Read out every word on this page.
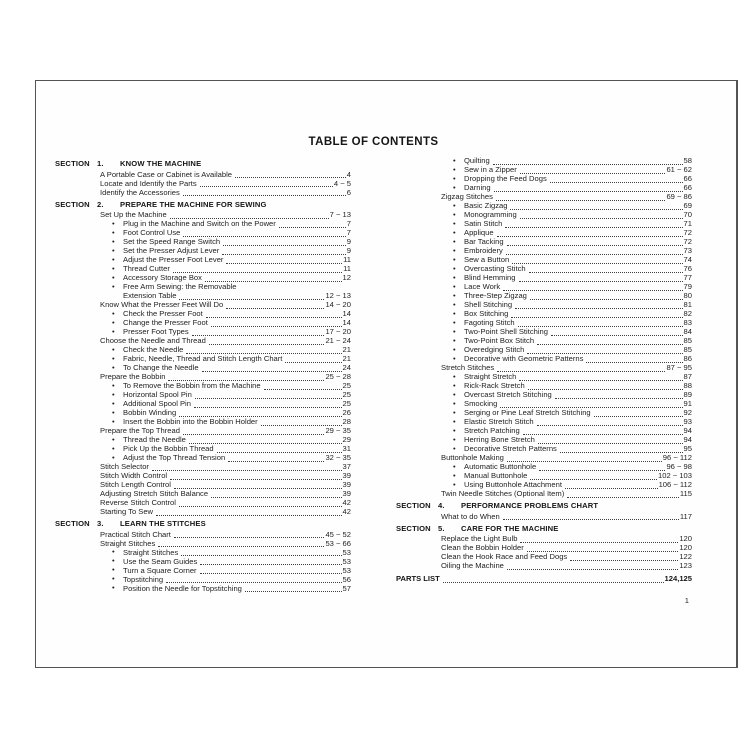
TABLE OF CONTENTS
SECTION 1.	KNOW THE MACHINE
A Portable Case or Cabinet is Available	4
Locate and Identify the Parts	4 ~ 5
Identify the Accessories	6
SECTION 2.	PREPARE THE MACHINE FOR SEWING
Set Up the Machine	7 ~ 13
• Plug in the Machine and Switch on the Power	7
• Foot Control Use	7
• Set the Speed Range Switch	9
• Set the Presser Adjust Lever	9
• Adjust the Presser Foot Lever	11
• Thread Cutter	11
• Accessory Storage Box	12
• Free Arm Sewing: the Removable
Extension Table	12 ~ 13
Know What the Presser Feet Will Do	14 ~ 20
• Check the Presser Foot	14
• Change the Presser Foot	14
• Presser Foot Types	17 ~ 20
Choose the Needle and Thread	21 ~ 24
• Check the Needle	21
• Fabric, Needle, Thread and Stitch Length Chart	21
• To Change the Needle	24
Prepare the Bobbin	25 ~ 28
• To Remove the Bobbin from the Machine	25
• Horizontal Spool Pin	25
• Additional Spool Pin	25
• Bobbin Winding	26
• Insert the Bobbin into the Bobbin Holder	28
Prepare the Top Thread	29 ~ 35
• Thread the Needle	29
• Pick Up the Bobbin Thread	31
• Adjust the Top Thread Tension	32 ~ 35
Stitch Selector	37
Stitch Width Control	39
Stitch Length Control	39
Adjusting Stretch Stitch Balance	39
Reverse Stitch Control	42
Starting To Sew	42
SECTION 3.	LEARN THE STITCHES
Practical Stitch Chart	45 ~ 52
Straight Stitches	53 ~ 66
• Straight Stitches	53
• Use the Seam Guides	53
• Turn a Square Corner	53
• Topstitching	56
• Position the Needle for Topstitching	57
• Quilting	58
• Sew in a Zipper	61 ~ 62
• Dropping the Feed Dogs	66
• Darning	66
Zigzag Stitches	69 ~ 86
• Basic Zigzag	69
• Monogramming	70
• Satin Stitch	71
• Applique	72
• Bar Tacking	72
• Embroidery	73
• Sew a Button	74
• Overcasting Stitch	76
• Blind Hemming	77
• Lace Work	79
• Three-Step Zigzag	80
• Shell Stitching	81
• Box Stitching	82
• Fagoting Stitch	83
• Two-Point Shell Stitching	84
• Two-Point Box Stitch	85
• Overedging Stitch	85
• Decorative with Geometric Patterns	86
Stretch Stitches	87 ~ 95
• Straight Stretch	87
• Rick-Rack Stretch	88
• Overcast Stretch Stitching	89
• Smocking	91
• Serging or Pine Leaf Stretch Stitching	92
• Elastic Stretch Stitch	93
• Stretch Patching	94
• Herring Bone Stretch	94
• Decorative Stretch Patterns	95
Buttonhole Making	96 ~ 112
• Automatic Buttonhole	96 ~ 98
• Manual Buttonhole	102 ~ 103
• Using Buttonhole Attachment	106 ~ 112
Twin Needle Stitches (Optional Item)	115
SECTION 4.	PERFORMANCE PROBLEMS CHART
What to do When	117
SECTION 5.	CARE FOR THE MACHINE
Replace the Light Bulb	120
Clean the Bobbin Holder	120
Clean the Hook Race and Feed Dogs	122
Oiling the Machine	123
PARTS LIST	124,125
1
